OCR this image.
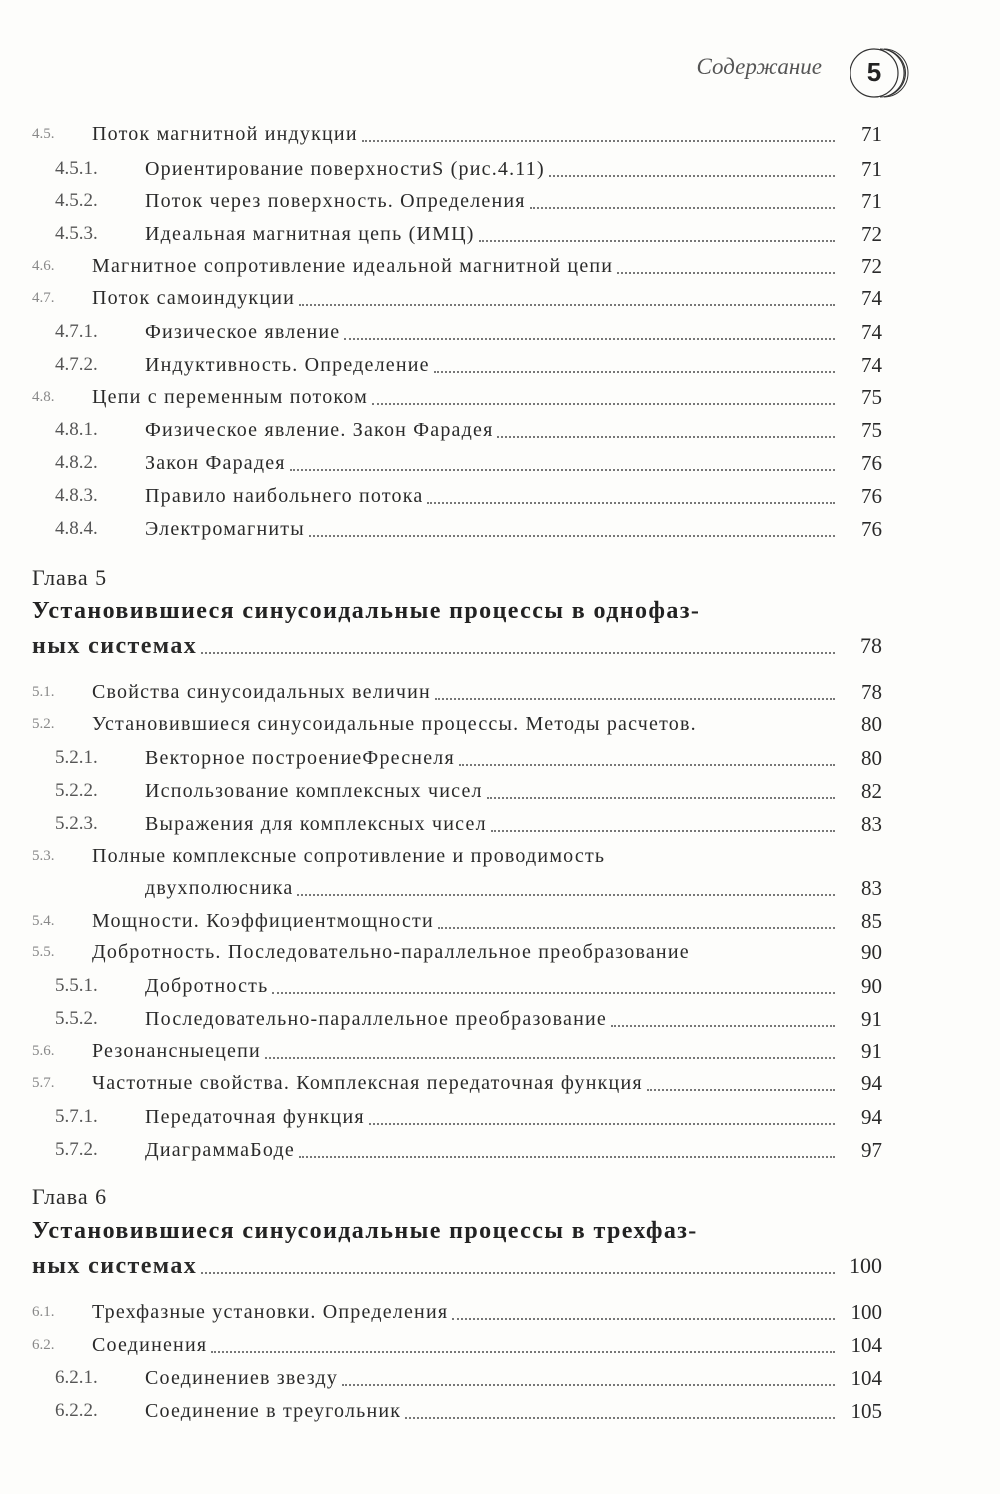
Содержание	5
4.5. Поток магнитной индукции	71
4.5.1. Ориентирование поверхностиS (рис.4.11)	71
4.5.2. Поток через поверхность. Определения	71
4.5.3. Идеальная магнитная цепь (ИМЦ)	72
4.6. Магнитное сопротивление идеальной магнитной цепи	72
4.7. Поток самоиндукции	74
4.7.1. Физическое явление	74
4.7.2. Индуктивность. Определение	74
4.8. Цепи с переменным потоком	75
4.8.1. Физическое явление. Закон Фарадея	75
4.8.2. Закон Фарадея	76
4.8.3. Правило наибольнего потока	76
4.8.4. Электромагниты	76
Глава 5
Установившиеся синусоидальные процессы в однофаз-
ных системах	78
5.1. Свойства синусоидальных величин	78
5.2. Установившиеся синусоидальные процессы. Методы расчетов.	80
5.2.1. Векторное построениеФреснеля	80
5.2.2. Использование комплексных чисел	82
5.2.3. Выражения для комплексных чисел	83
5.3. Полные комплексные сопротивление и проводимость
двухполюсника	83
5.4. Мощности. Коэффициентмощности	85
5.5. Добротность. Последовательно-параллельное преобразование	90
5.5.1. Добротность	90
5.5.2. Последовательно-параллельное преобразование	91
5.6. Резонансныецепи	91
5.7. Частотные свойства. Комплексная передаточная функция	94
5.7.1. Передаточная функция	94
5.7.2. ДиаграммаБоде	97
Глава 6
Установившиеся синусоидальные процессы в трехфаз-
ных системах	100
6.1. Трехфазные установки. Определения	100
6.2. Соединения	104
6.2.1. Соединениев звезду	104
6.2.2. Соединение в треугольник	105
